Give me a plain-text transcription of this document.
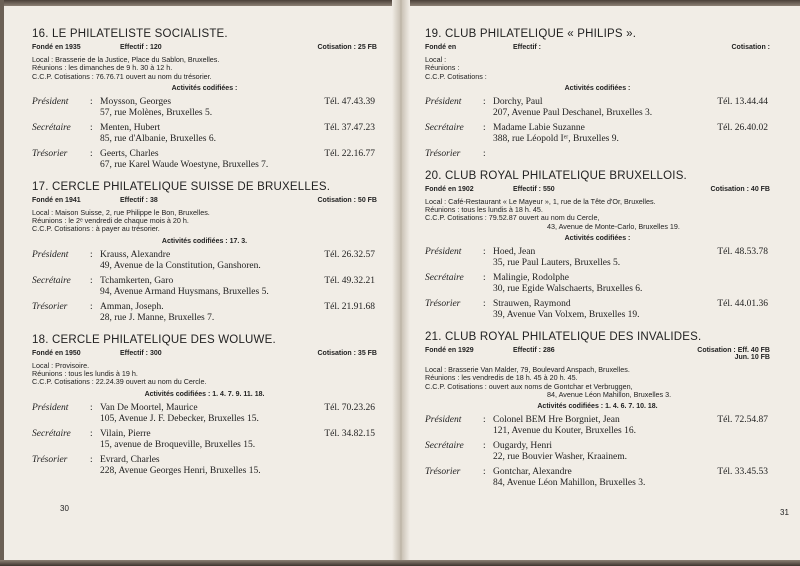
16. LE PHILATELISTE SOCIALISTE.
Fondé en 1935	Effectif : 120	Cotisation : 25 FB
Local : Brasserie de la Justice, Place du Sablon, Bruxelles.
Réunions : les dimanches de 9 h. 30 à 12 h.
C.C.P. Cotisations : 76.76.71 ouvert au nom du trésorier.
Activités codifiées :
Président	: Moysson, Georges	Tél. 47.43.39
57, rue Molènes, Bruxelles 5.
Secrétaire	: Menten, Hubert	Tél. 37.47.23
85, rue d'Albanie, Bruxelles 6.
Trésorier	: Geerts, Charles	Tél. 22.16.77
67, rue Karel Waude Woestyne, Bruxelles 7.
17. CERCLE PHILATELIQUE SUISSE DE BRUXELLES.
Fondé en 1941	Effectif : 38	Cotisation : 50 FB
Local : Maison Suisse, 2, rue Philippe le Bon, Bruxelles.
Réunions : le 2ᵉ vendredi de chaque mois à 20 h.
C.C.P. Cotisations : à payer au trésorier.
Activités codifiées : 17. 3.
Président	: Krauss, Alexandre	Tél. 26.32.57
49, Avenue de la Constitution, Ganshoren.
Secrétaire	: Tchamkerten, Garo	Tél. 49.32.21
94, Avenue Armand Huysmans, Bruxelles 5.
Trésorier	: Amman, Joseph.	Tél. 21.91.68
28, rue J. Manne, Bruxelles 7.
18. CERCLE PHILATELIQUE DES WOLUWE.
Fondé en 1950	Effectif : 300	Cotisation : 35 FB
Local : Provisoire.
Réunions : tous les lundis à 19 h.
C.C.P. Cotisations : 22.24.39 ouvert au nom du Cercle.
Activités codifiées : 1. 4. 7. 9. 11. 18.
Président	: Van De Moortel, Maurice	Tél. 70.23.26
105, Avenue J. F. Debecker, Bruxelles 15.
Secrétaire	: Vilain, Pierre	Tél. 34.82.15
15, avenue de Broqueville, Bruxelles 15.
Trésorier	: Evrard, Charles
228, Avenue Georges Henri, Bruxelles 15.
19. CLUB PHILATELIQUE « PHILIPS ».
Fondé en	Effectif :	Cotisation :
Local :
Réunions :
C.C.P. Cotisations :
Activités codifiées :
Président	: Dorchy, Paul	Tél. 13.44.44
207, Avenue Paul Deschanel, Bruxelles 3.
Secrétaire	: Madame Labie Suzanne	Tél. 26.40.02
388, rue Léopold Iᵉʳ, Bruxelles 9.
Trésorier	:
20. CLUB ROYAL PHILATELIQUE BRUXELLOIS.
Fondé en 1902	Effectif : 550	Cotisation : 40 FB
Local : Café-Restaurant « Le Mayeur », 1, rue de la Tête d'Or, Bruxelles.
Réunions : tous les lundis à 18 h. 45.
C.C.P. Cotisations : 79.52.87 ouvert au nom du Cercle,
43, Avenue de Monte-Carlo, Bruxelles 19.
Activités codifiées :
Président	: Hoed, Jean	Tél. 48.53.78
35, rue Paul Lauters, Bruxelles 5.
Secrétaire	: Malingie, Rodolphe
30, rue Egide Walschaerts, Bruxelles 6.
Trésorier	: Strauwen, Raymond	Tél. 44.01.36
39, Avenue Van Volxem, Bruxelles 19.
21. CLUB ROYAL PHILATELIQUE DES INVALIDES.
Fondé en 1929	Effectif : 286	Cotisation : Eff. 40 FB
Jun. 10 FB
Local : Brasserie Van Malder, 79, Boulevard Anspach, Bruxelles.
Réunions : les vendredis de 18 h. 45 à 20 h. 45.
C.C.P. Cotisations : ouvert aux noms de Gontchar et Verbruggen,
84, Avenue Léon Mahillon, Bruxelles 3.
Activités codifiées : 1. 4. 6. 7. 10. 18.
Président	: Colonel BEM Hre Borgniet, Jean	Tél. 72.54.87
121, Avenue du Kouter, Bruxelles 16.
Secrétaire	: Ougardy, Henri
22, rue Bouvier Washer, Kraainem.
Trésorier	: Gontchar, Alexandre	Tél. 33.45.53
84, Avenue Léon Mahillon, Bruxelles 3.
30	31
